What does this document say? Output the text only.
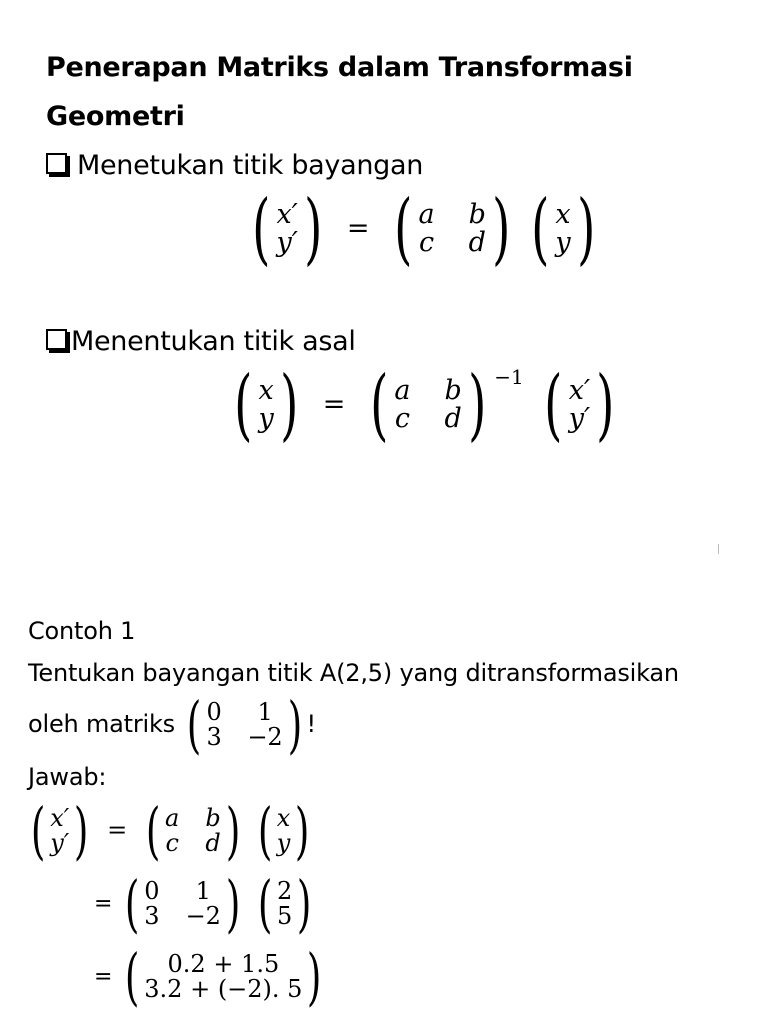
Penerapan Matriks dalam Transformasi
Geometri
Menetukan titik bayangan
( x′
y′ ) = ( a b
c d )
( x
y )
Menentukan titik asal
( x
y ) = ( a b
c d ) −1
( x′
y′ )
Contoh 1
Tentukan bayangan titik A(2,5) yang ditransformasikan
oleh matriks ( 0	1
3 −2 ) !
Jawab:
( x′
y′ ) = ( a b
c d )
( x
y )
= ( 0	1
3 −2 )
( 2
5 )
= (	0.2 + 1.5
3.2 + (−2). 5 )
